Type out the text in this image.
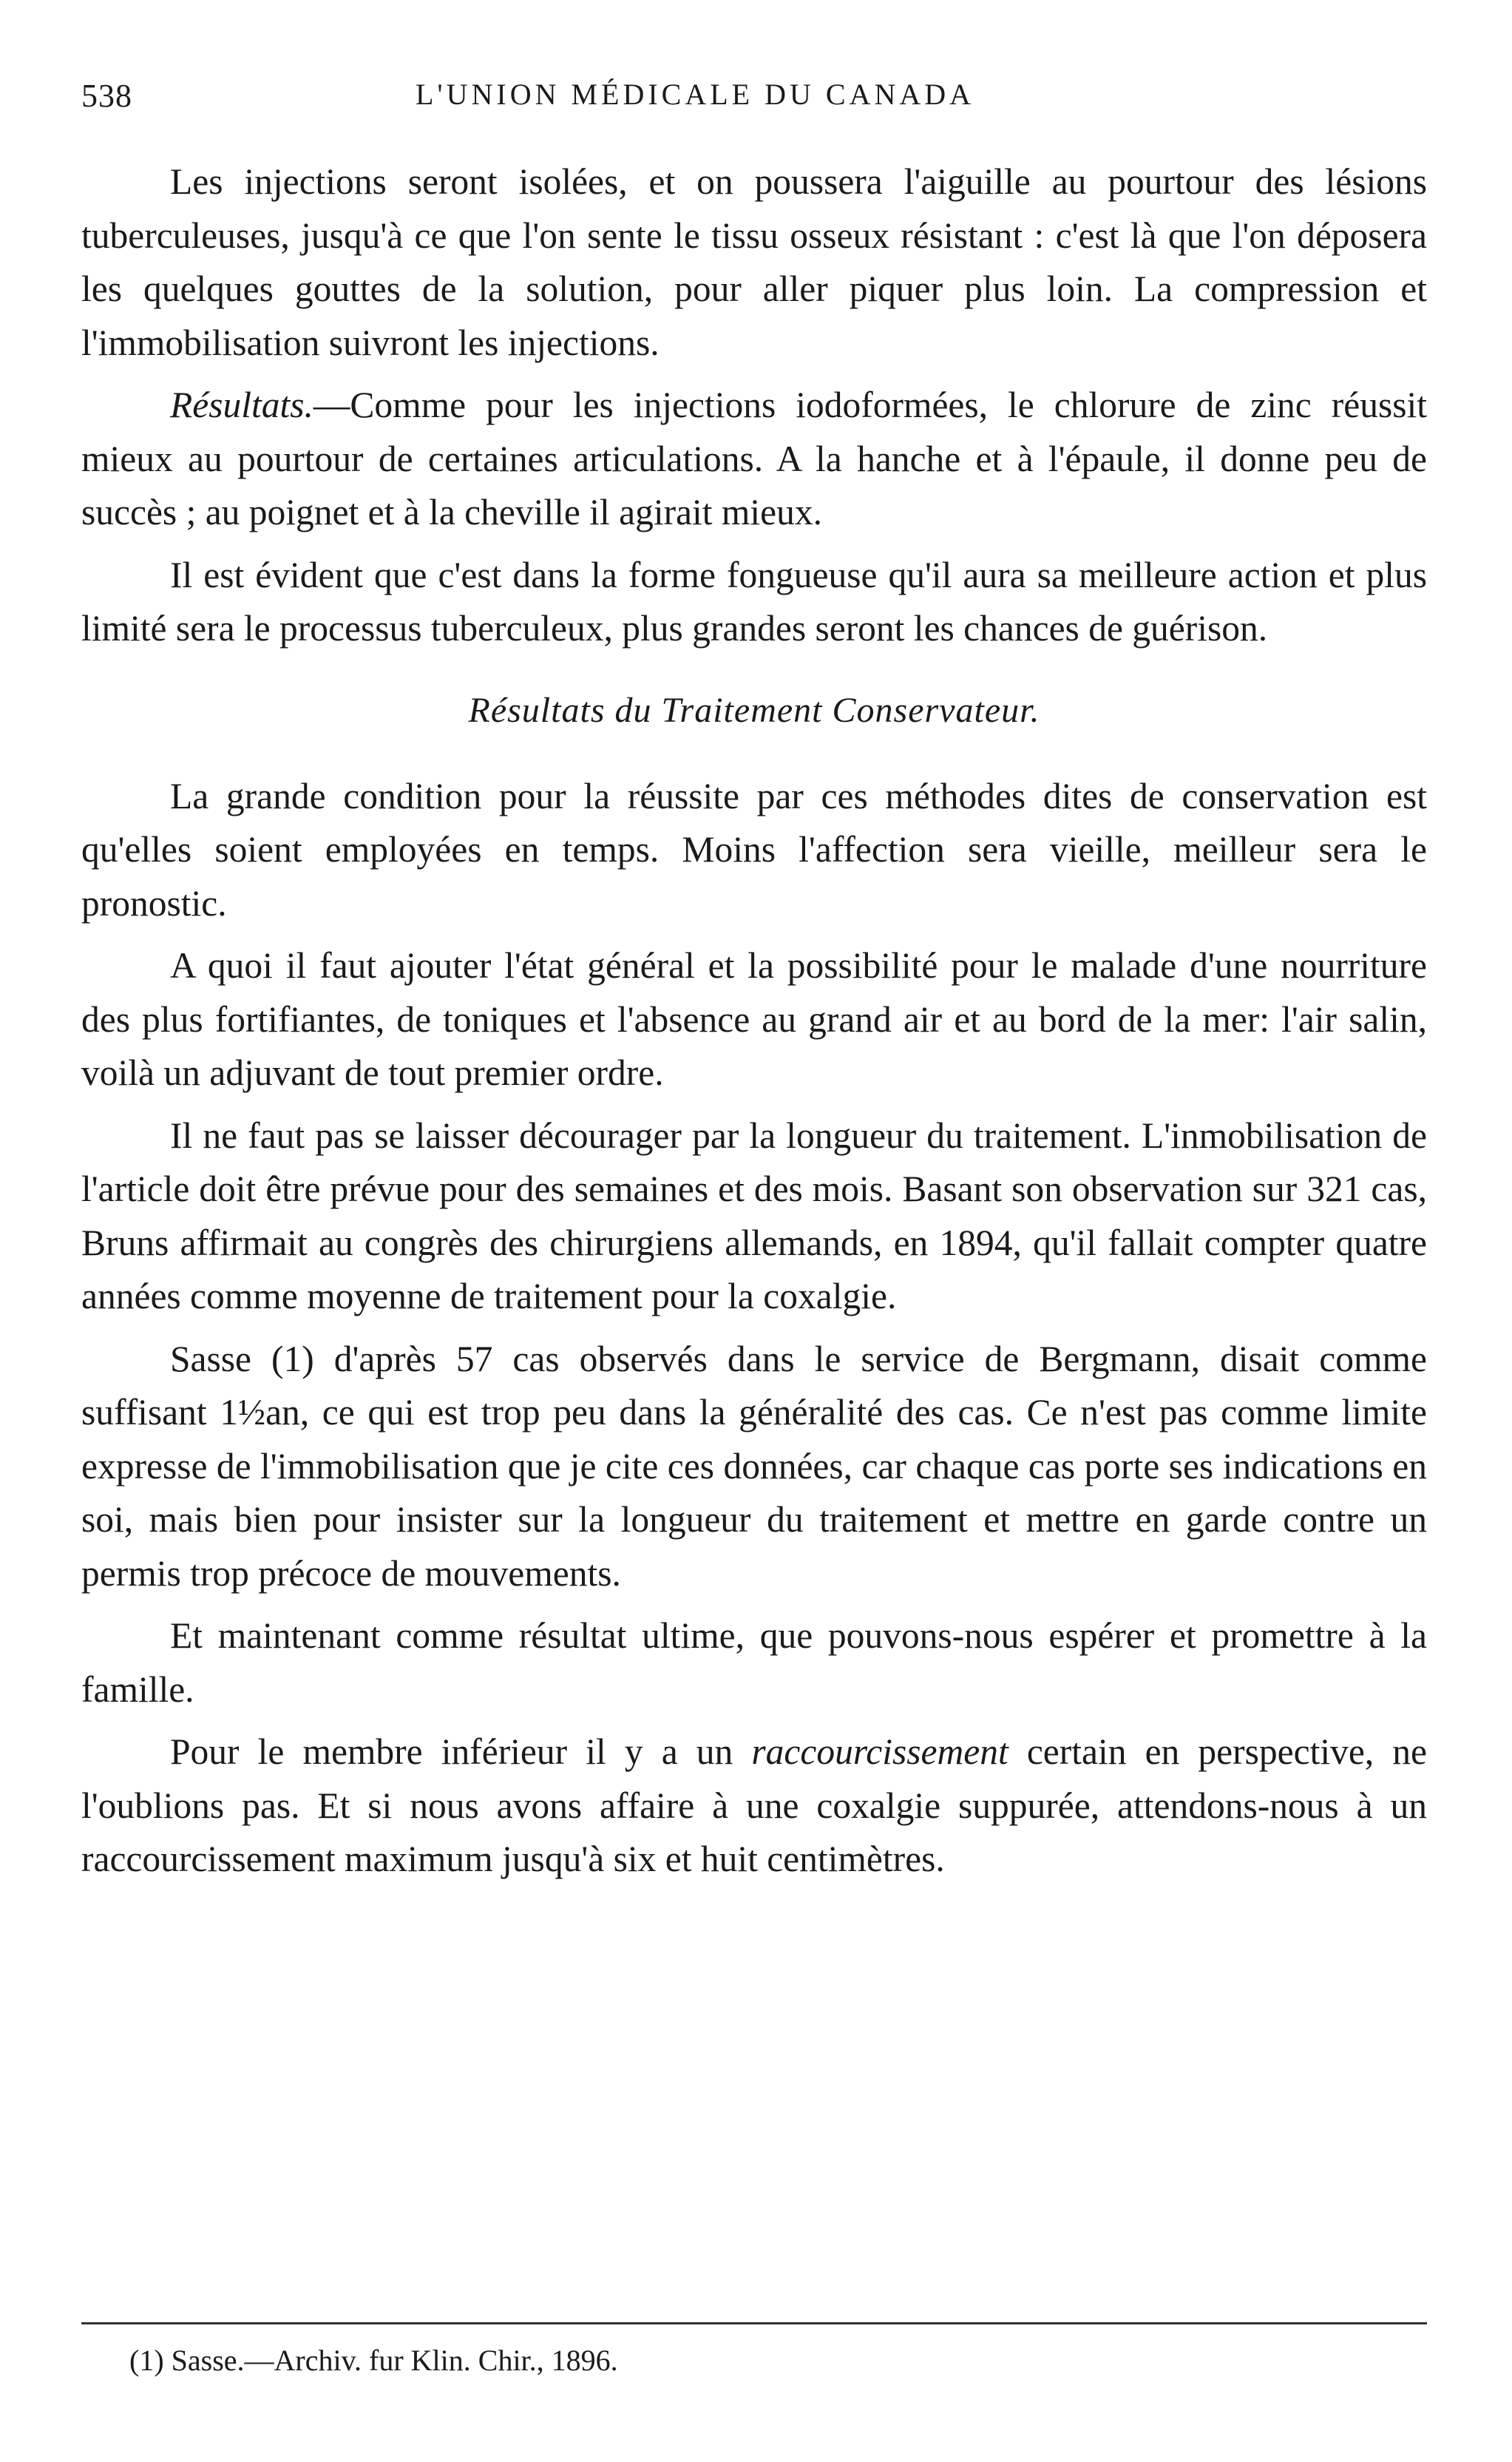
538	L'UNION MÉDICALE DU CANADA

Les injections seront isolées, et on poussera l'aiguille au pourtour des lésions tuberculeuses, jusqu'à ce que l'on sente le tissu osseux résistant : c'est là que l'on déposera les quelques gouttes de la solution, pour aller piquer plus loin. La compression et l'immobilisation suivront les injections.

Résultats.—Comme pour les injections iodoformées, le chlorure de zinc réussit mieux au pourtour de certaines articulations. A la hanche et à l'épaule, il donne peu de succès ; au poignet et à la cheville il agirait mieux.

Il est évident que c'est dans la forme fongueuse qu'il aura sa meilleure action et plus limité sera le processus tuberculeux, plus grandes seront les chances de guérison.

Résultats du Traitement Conservateur.

La grande condition pour la réussite par ces méthodes dites de conservation est qu'elles soient employées en temps. Moins l'affection sera vieille, meilleur sera le pronostic.

A quoi il faut ajouter l'état général et la possibilité pour le malade d'une nourriture des plus fortifiantes, de toniques et l'absence au grand air et au bord de la mer: l'air salin, voilà un adjuvant de tout premier ordre.

Il ne faut pas se laisser décourager par la longueur du traitement. L'inmobilisation de l'article doit être prévue pour des semaines et des mois. Basant son observation sur 321 cas, Bruns affirmait au congrès des chirurgiens allemands, en 1894, qu'il fallait compter quatre années comme moyenne de traitement pour la coxalgie.

Sasse (1) d'après 57 cas observés dans le service de Bergmann, disait comme suffisant 1½an, ce qui est trop peu dans la généralité des cas. Ce n'est pas comme limite expresse de l'immobilisation que je cite ces données, car chaque cas porte ses indications en soi, mais bien pour insister sur la longueur du traitement et mettre en garde contre un permis trop précoce de mouvements.

Et maintenant comme résultat ultime, que pouvons-nous espérer et promettre à la famille.

Pour le membre inférieur il y a un raccourcissement certain en perspective, ne l'oublions pas. Et si nous avons affaire à une coxalgie suppurée, attendons-nous à un raccourcissement maximum jusqu'à six et huit centimètres.

(1) Sasse.—Archiv. fur Klin. Chir., 1896.
